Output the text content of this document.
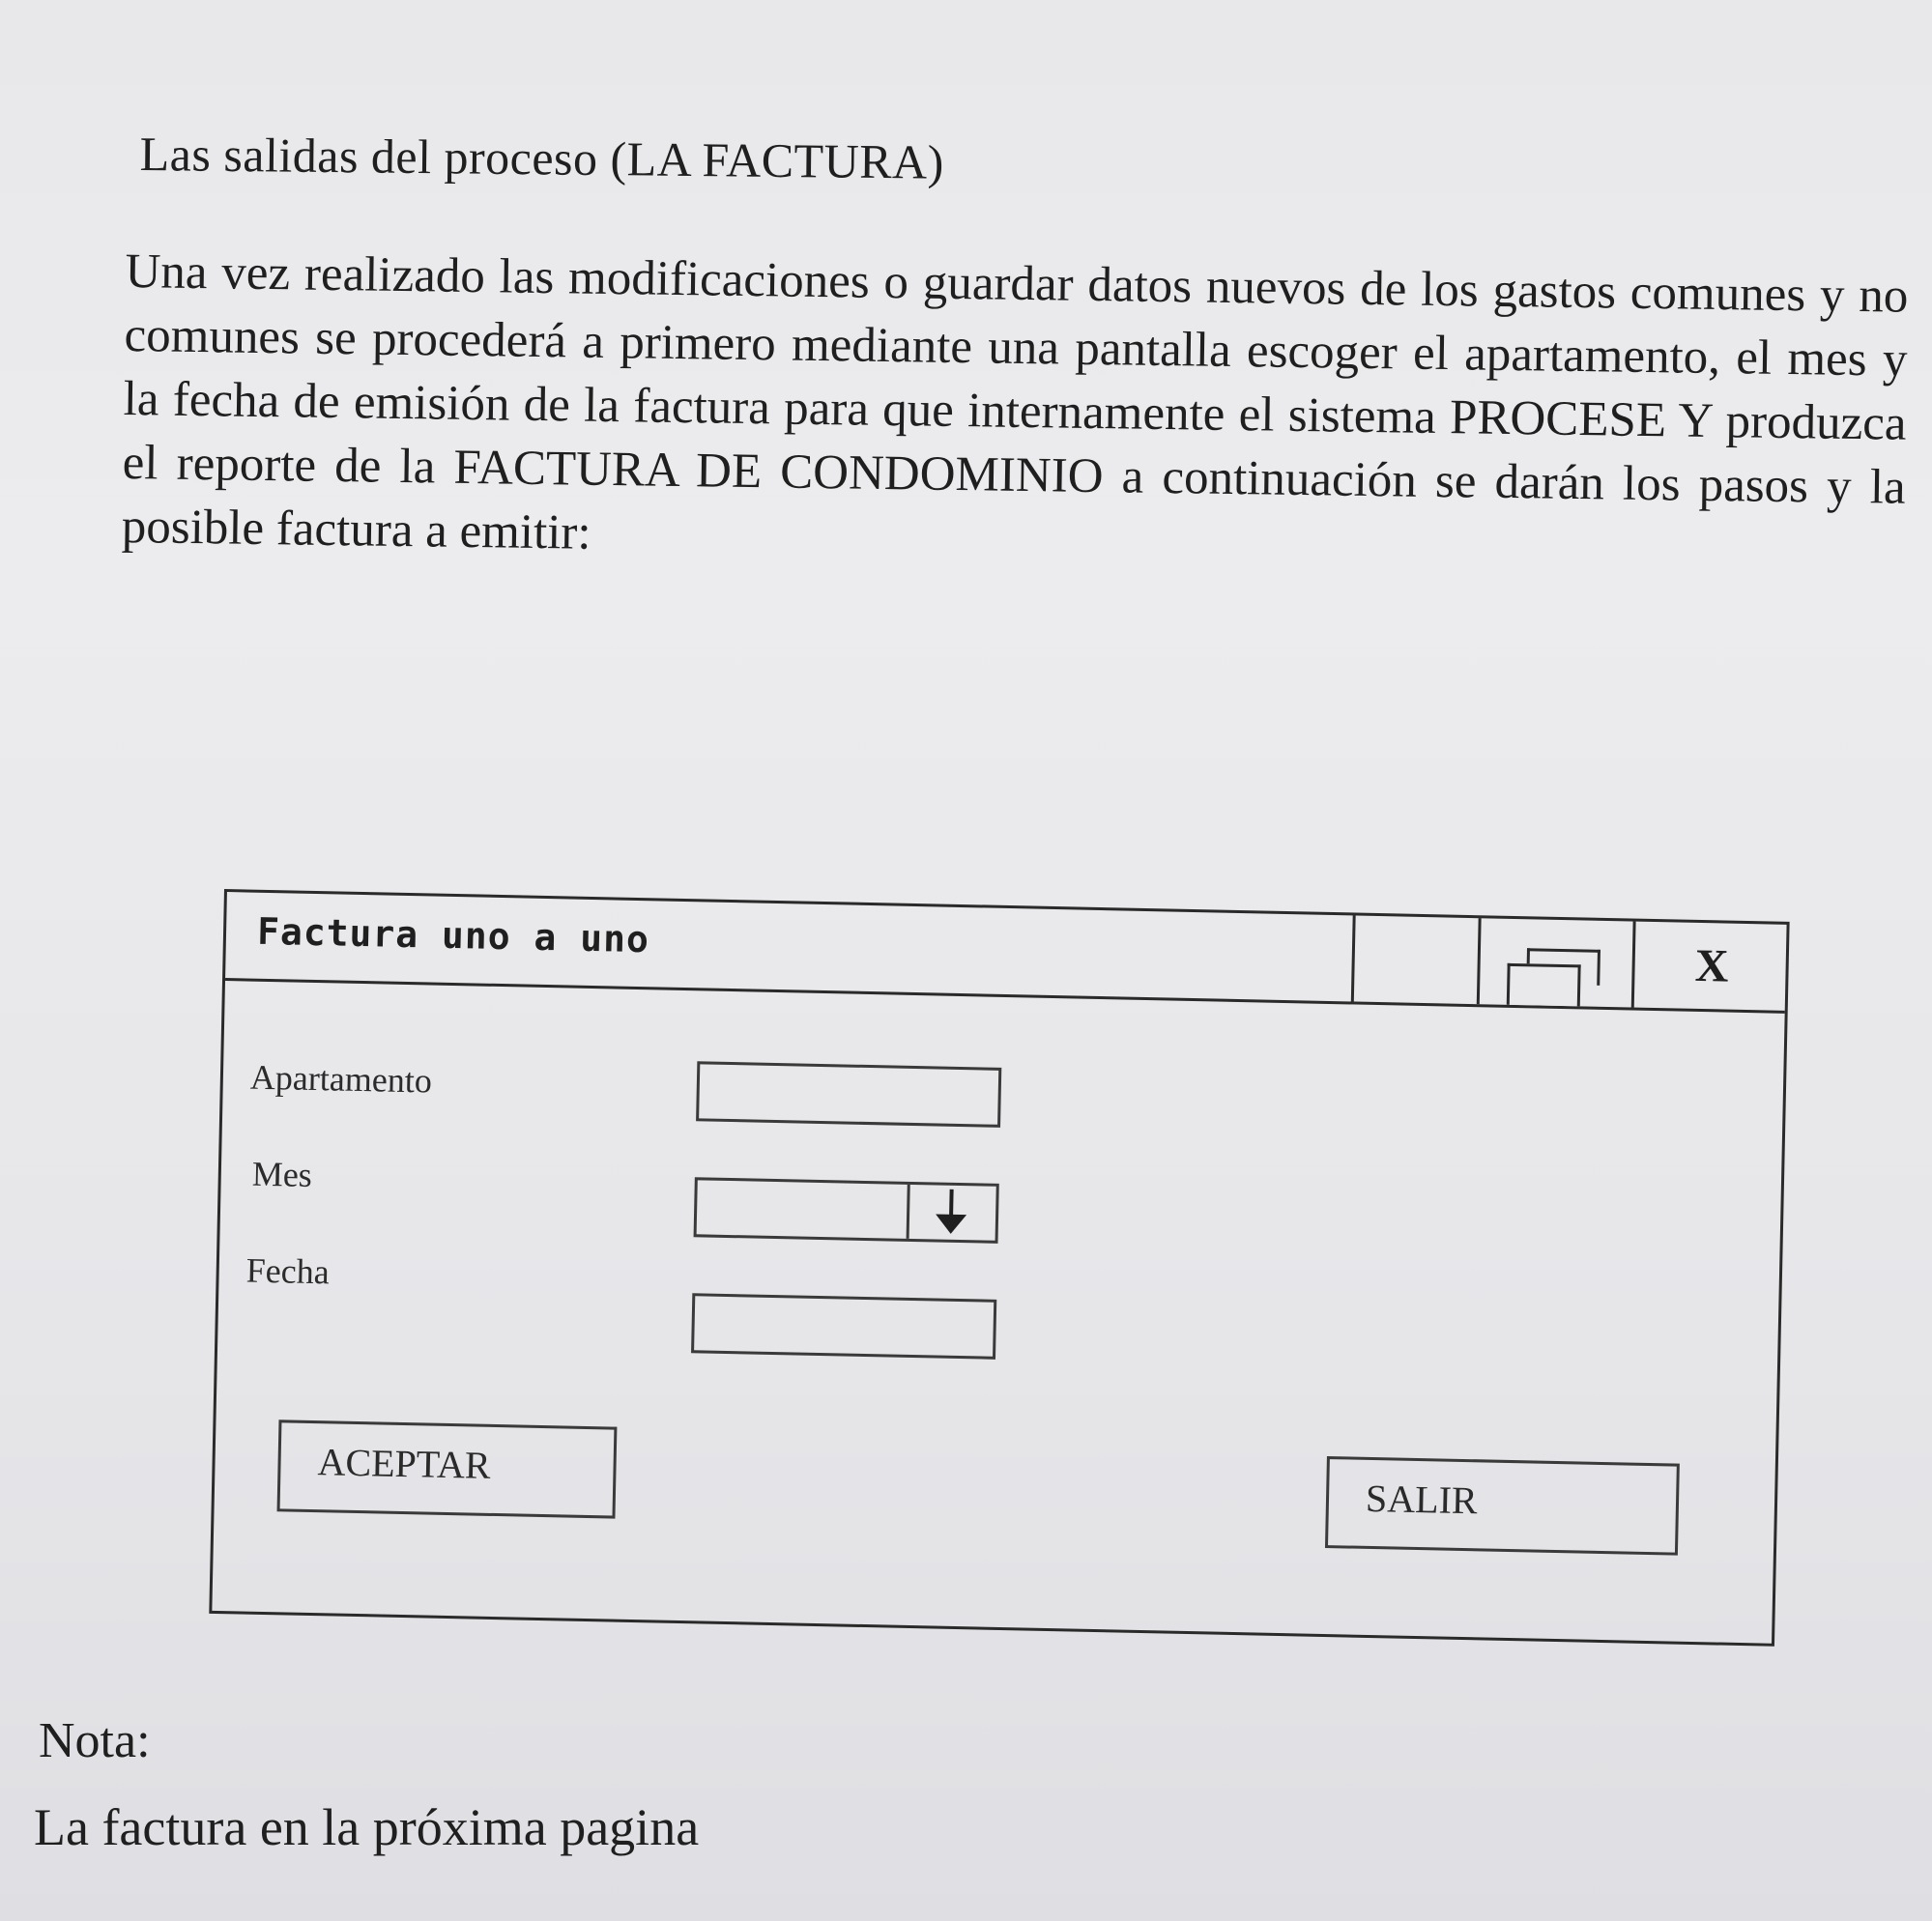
Las salidas del proceso (LA FACTURA)
Una vez realizado las modificaciones o guardar datos nuevos de los gastos comunes y no comunes se procederá a primero mediante una pantalla escoger el apartamento, el mes y la fecha de emisión de la factura para que internamente el sistema PROCESE Y produzca el reporte de la FACTURA DE CONDOMINIO a continuación se darán los pasos y la posible factura a emitir:
Factura uno a uno
X
Apartamento
Mes
Fecha
ACEPTAR
SALIR
Nota:
La factura en la próxima pagina
